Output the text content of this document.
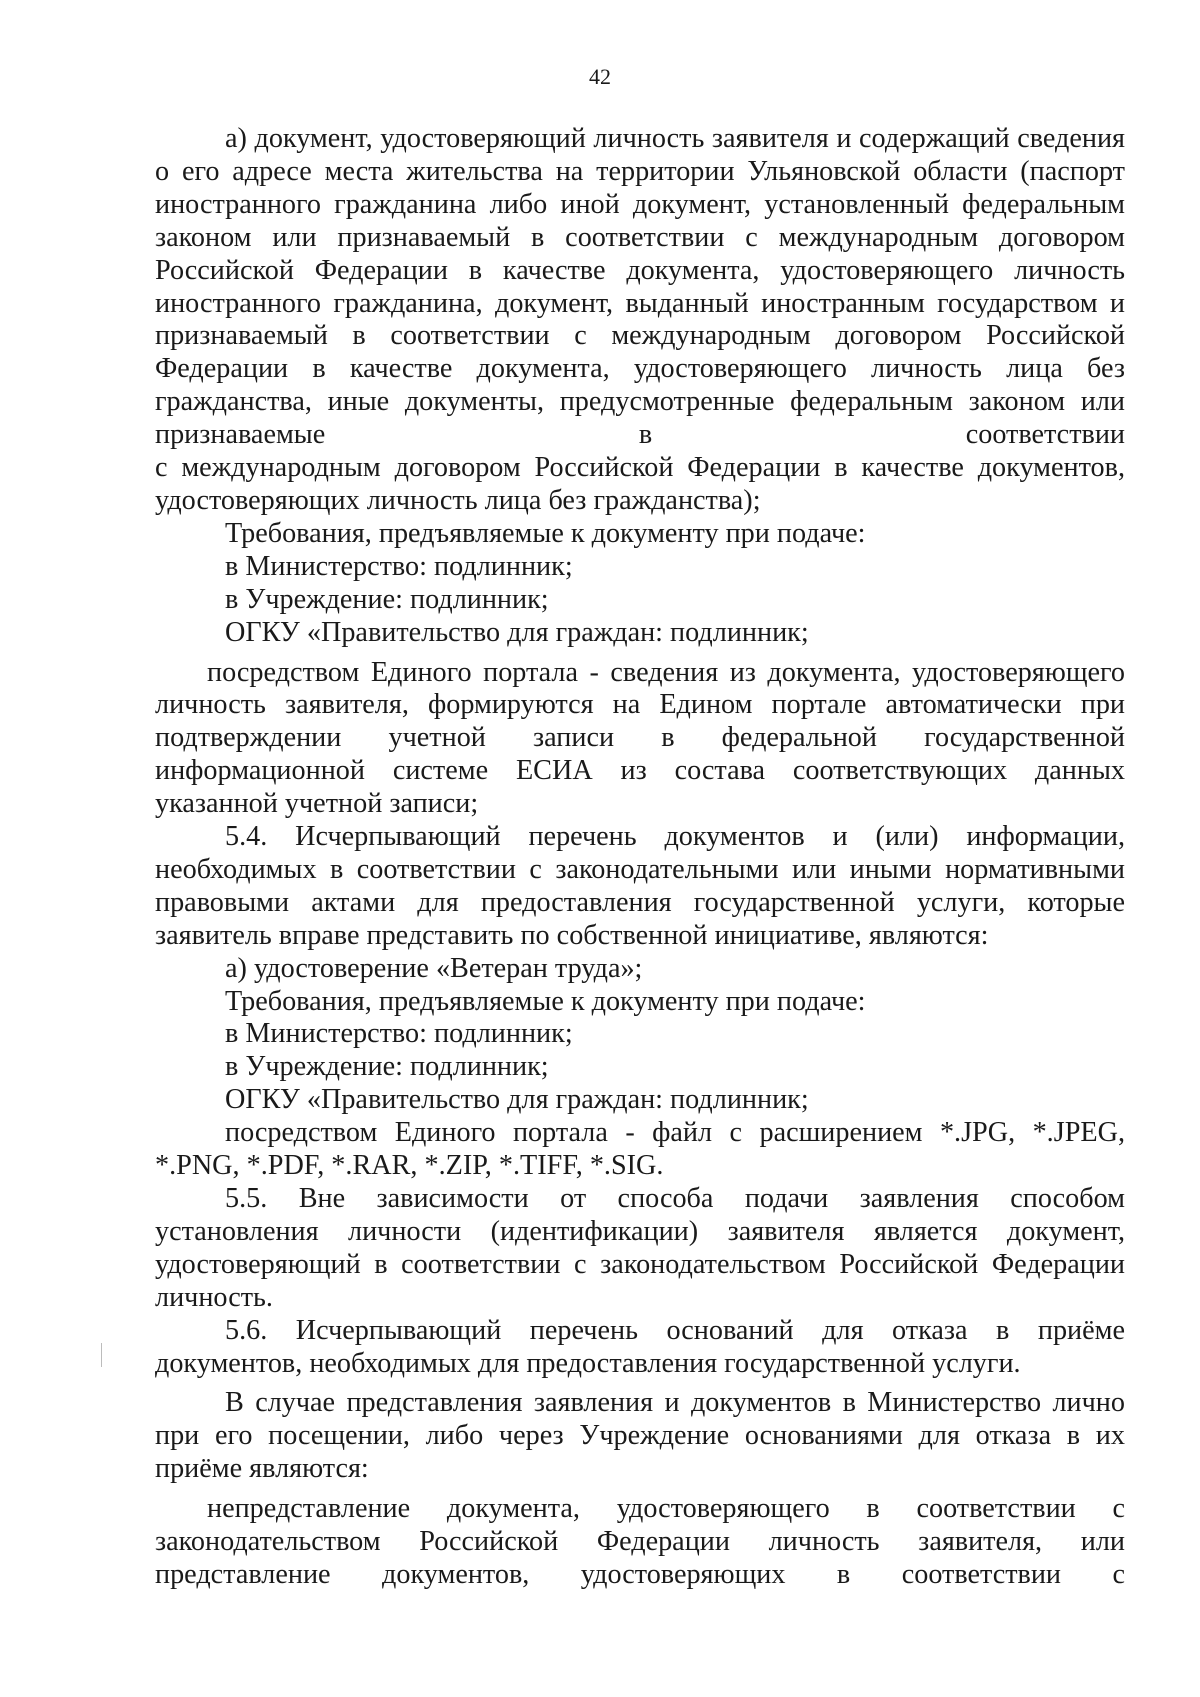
42

а) документ, удостоверяющий личность заявителя и содержащий сведения о его адресе места жительства на территории Ульяновской области (паспорт иностранного гражданина либо иной документ, установленный федеральным законом или признаваемый в соответствии с международным договором Российской Федерации в качестве документа, удостоверяющего личность иностранного гражданина, документ, выданный иностранным государством и признаваемый в соответствии с международным договором Российской Федерации в качестве документа, удостоверяющего личность лица без гражданства, иные документы, предусмотренные федеральным законом или признаваемые в соответствии

с международным договором Российской Федерации в качестве документов, удостоверяющих личность лица без гражданства);

Требования, предъявляемые к документу при подаче:

в Министерство: подлинник;

в Учреждение: подлинник;

ОГКУ «Правительство для граждан: подлинник;

посредством Единого портала - сведения из документа, удостоверяющего личность заявителя, формируются на Едином портале автоматически при подтверждении учетной записи в федеральной государственной информационной системе ЕСИА из состава соответствующих данных указанной учетной записи;

5.4. Исчерпывающий перечень документов и (или) информации, необходимых в соответствии с законодательными или иными нормативными правовыми актами для предоставления государственной услуги, которые заявитель вправе представить по собственной инициативе, являются:

а) удостоверение «Ветеран труда»;

Требования, предъявляемые к документу при подаче:

в Министерство: подлинник;

в Учреждение: подлинник;

ОГКУ «Правительство для граждан: подлинник;

посредством Единого портала - файл с расширением *.JPG, *.JPEG, *.PNG, *.PDF, *.RAR, *.ZIP, *.TIFF, *.SIG.

5.5. Вне зависимости от способа подачи заявления способом установления личности (идентификации) заявителя является документ, удостоверяющий в соответствии с законодательством Российской Федерации личность.

5.6. Исчерпывающий перечень оснований для отказа в приёме документов, необходимых для предоставления государственной услуги.

В случае представления заявления и документов в Министерство лично при его посещении, либо через Учреждение основаниями для отказа в их приёме являются:

непредставление документа, удостоверяющего в соответствии с законодательством Российской Федерации личность заявителя, или представление документов, удостоверяющих в соответствии с
